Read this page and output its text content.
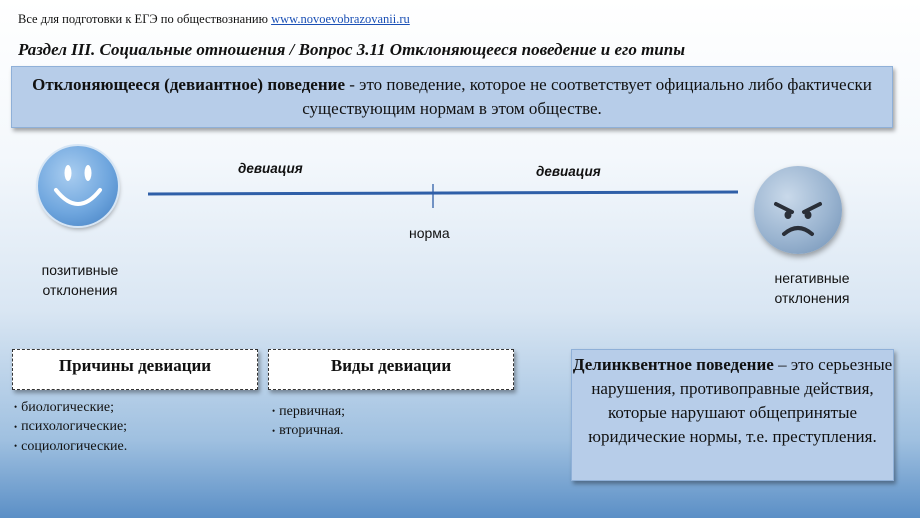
Все для подготовки к ЕГЭ по обществознанию www.novoevobrazovanii.ru
Раздел III. Социальные отношения / Вопрос 3.11 Отклоняющееся поведение и его типы
Отклоняющееся (девиантное) поведение - это поведение, которое не соответствует официально либо фактически существующим нормам в этом обществе.
девиация	девиация
норма
позитивные
отклонения
негативные
отклонения
Причины девиации
• биологические;
• психологические;
• социологические.
Виды девиации
• первичная;
• вторичная.
Делинквентное поведение – это серьезные нарушения, противоправные действия, которые нарушают общепринятые юридические нормы, т.е. преступления.
